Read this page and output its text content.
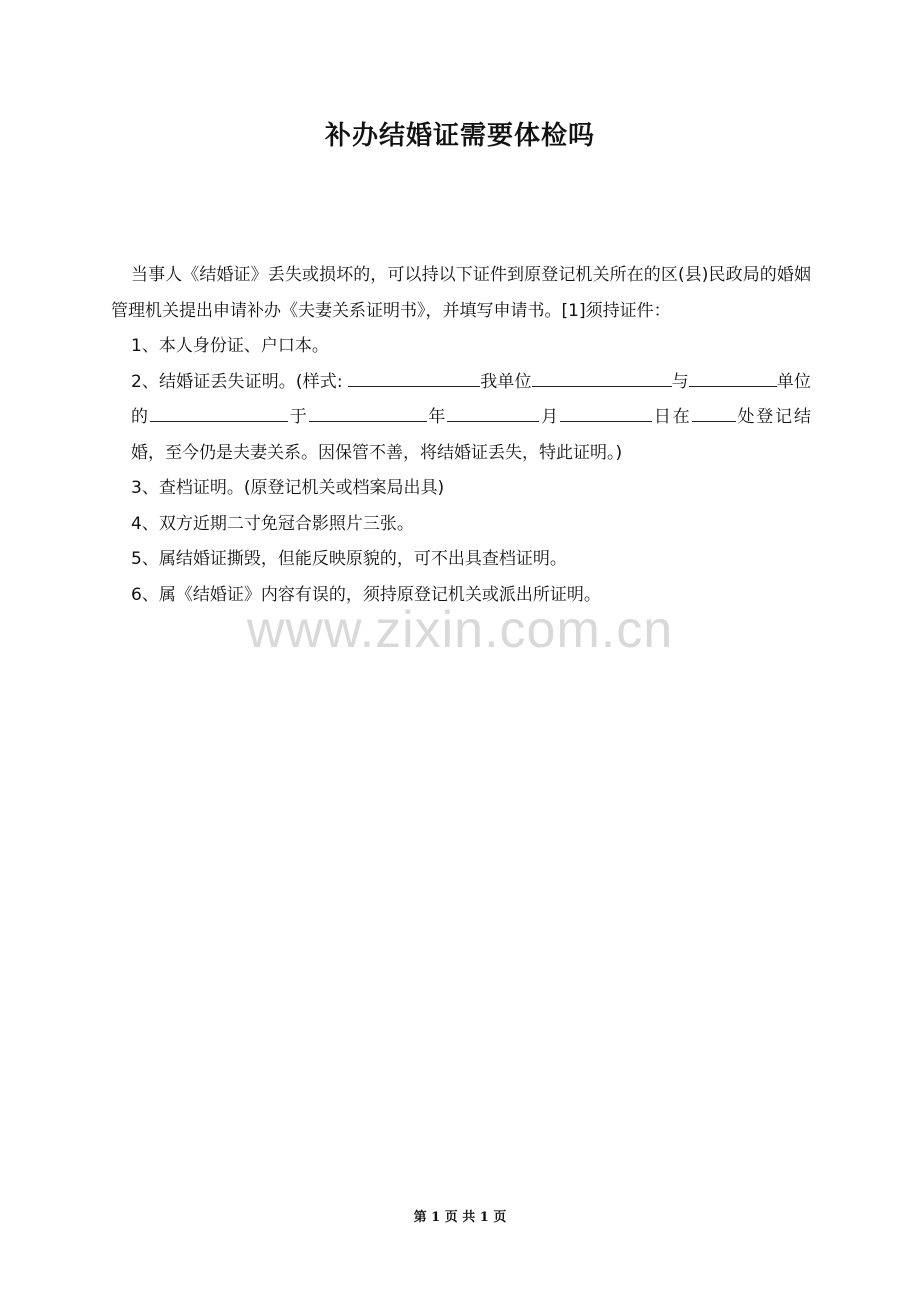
补办结婚证需要体检吗

当事人《结婚证》丢失或损坏的，可以持以下证件到原登记机关所在的区(县)民政局的婚姻管理机关提出申请补办《夫妻关系证明书》，并填写申请书。[1]须持证件：

1、本人身份证、户口本。

2、结婚证丢失证明。(样式:	我单位	与	单位的	于	年	月	日在	处登记结婚，至今仍是夫妻关系。因保管不善，将结婚证丢失，特此证明。)

3、查档证明。(原登记机关或档案局出具)

4、双方近期二寸免冠合影照片三张。

5、属结婚证撕毁，但能反映原貌的，可不出具查档证明。

6、属《结婚证》内容有误的，须持原登记机关或派出所证明。

www.zixin.com.cn
第 1 页 共 1 页
